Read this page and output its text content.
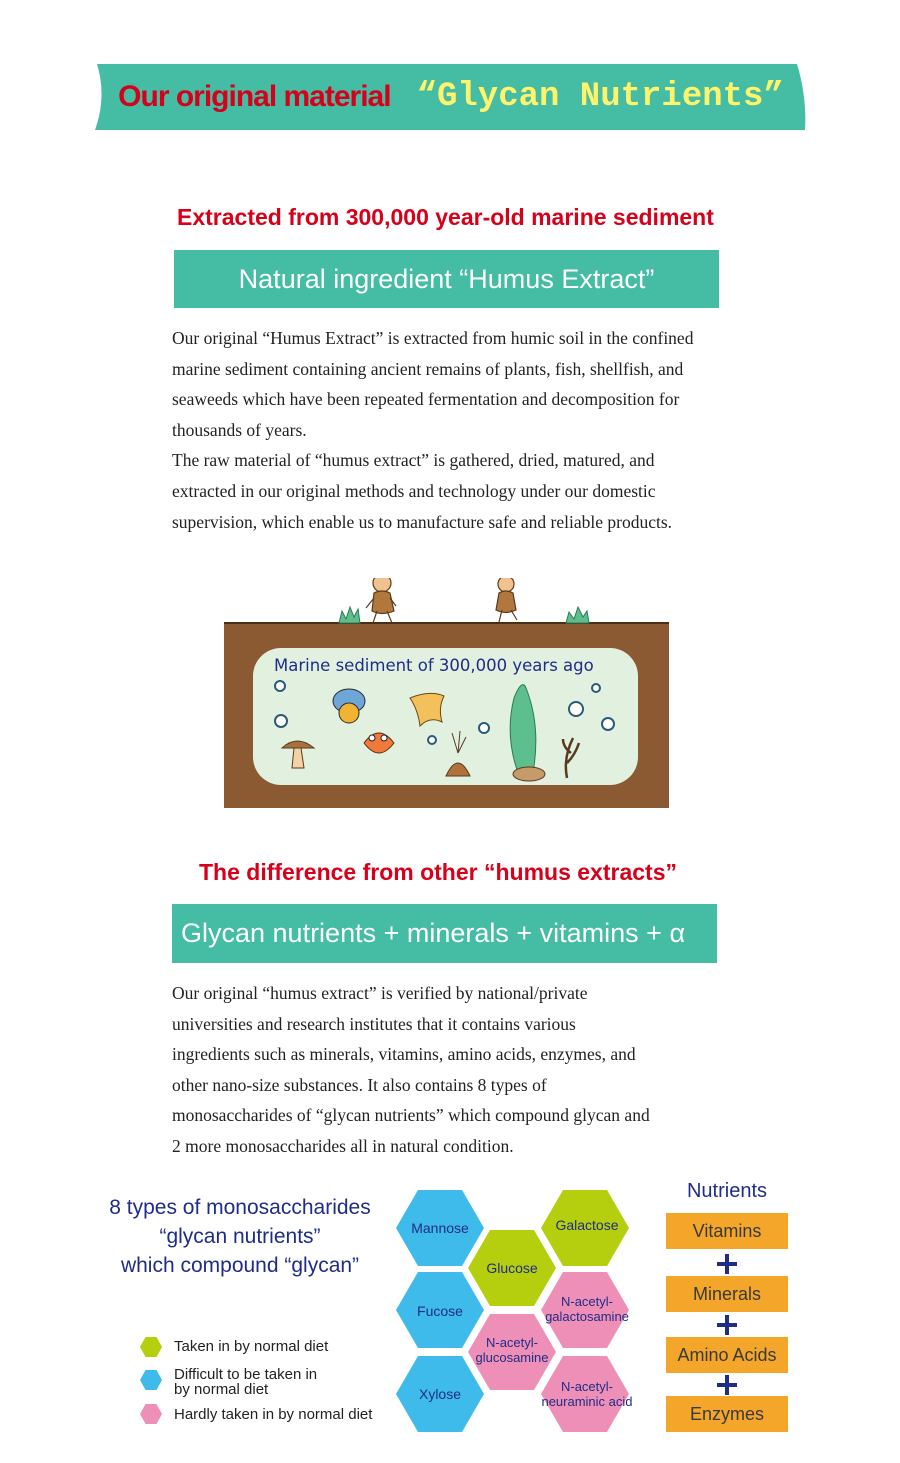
Our original material “Glycan Nutrients”
Extracted from 300,000 year-old marine sediment
Natural ingredient “Humus Extract”

Our original “Humus Extract” is extracted from humic soil in the confined

marine sediment containing ancient remains of plants, fish, shellfish, and

seaweeds which have been repeated fermentation and decomposition for

thousands of years.

The raw material of “humus extract” is gathered, dried, matured, and

extracted in our original methods and technology under our domestic

supervision, which enable us to manufacture safe and reliable products.

Marine sediment of 300,000 years ago
The difference from other “humus extracts”
Glycan nutrients + minerals + vitamins + α

Our original “humus extract” is verified by national/private

universities and research institutes that it contains various

ingredients such as minerals, vitamins, amino acids, enzymes, and

other nano-size substances. It also contains 8 types of

monosaccharides of “glycan nutrients” which compound glycan and

2 more monosaccharides all in natural condition.

8 types of monosaccharides
“glycan nutrients”
which compound “glycan”
Taken in by normal diet
Difficult to be taken in
by normal diet
Hardly taken in by normal diet
Mannose	Galactose
Glucose
Fucose
N-acetyl-
galactosamine
N-acetyl-
glucosamine
Xylose	N-acetyl-
neuraminic acid
Nutrients
Vitamins
Minerals
Amino Acids
Enzymes
